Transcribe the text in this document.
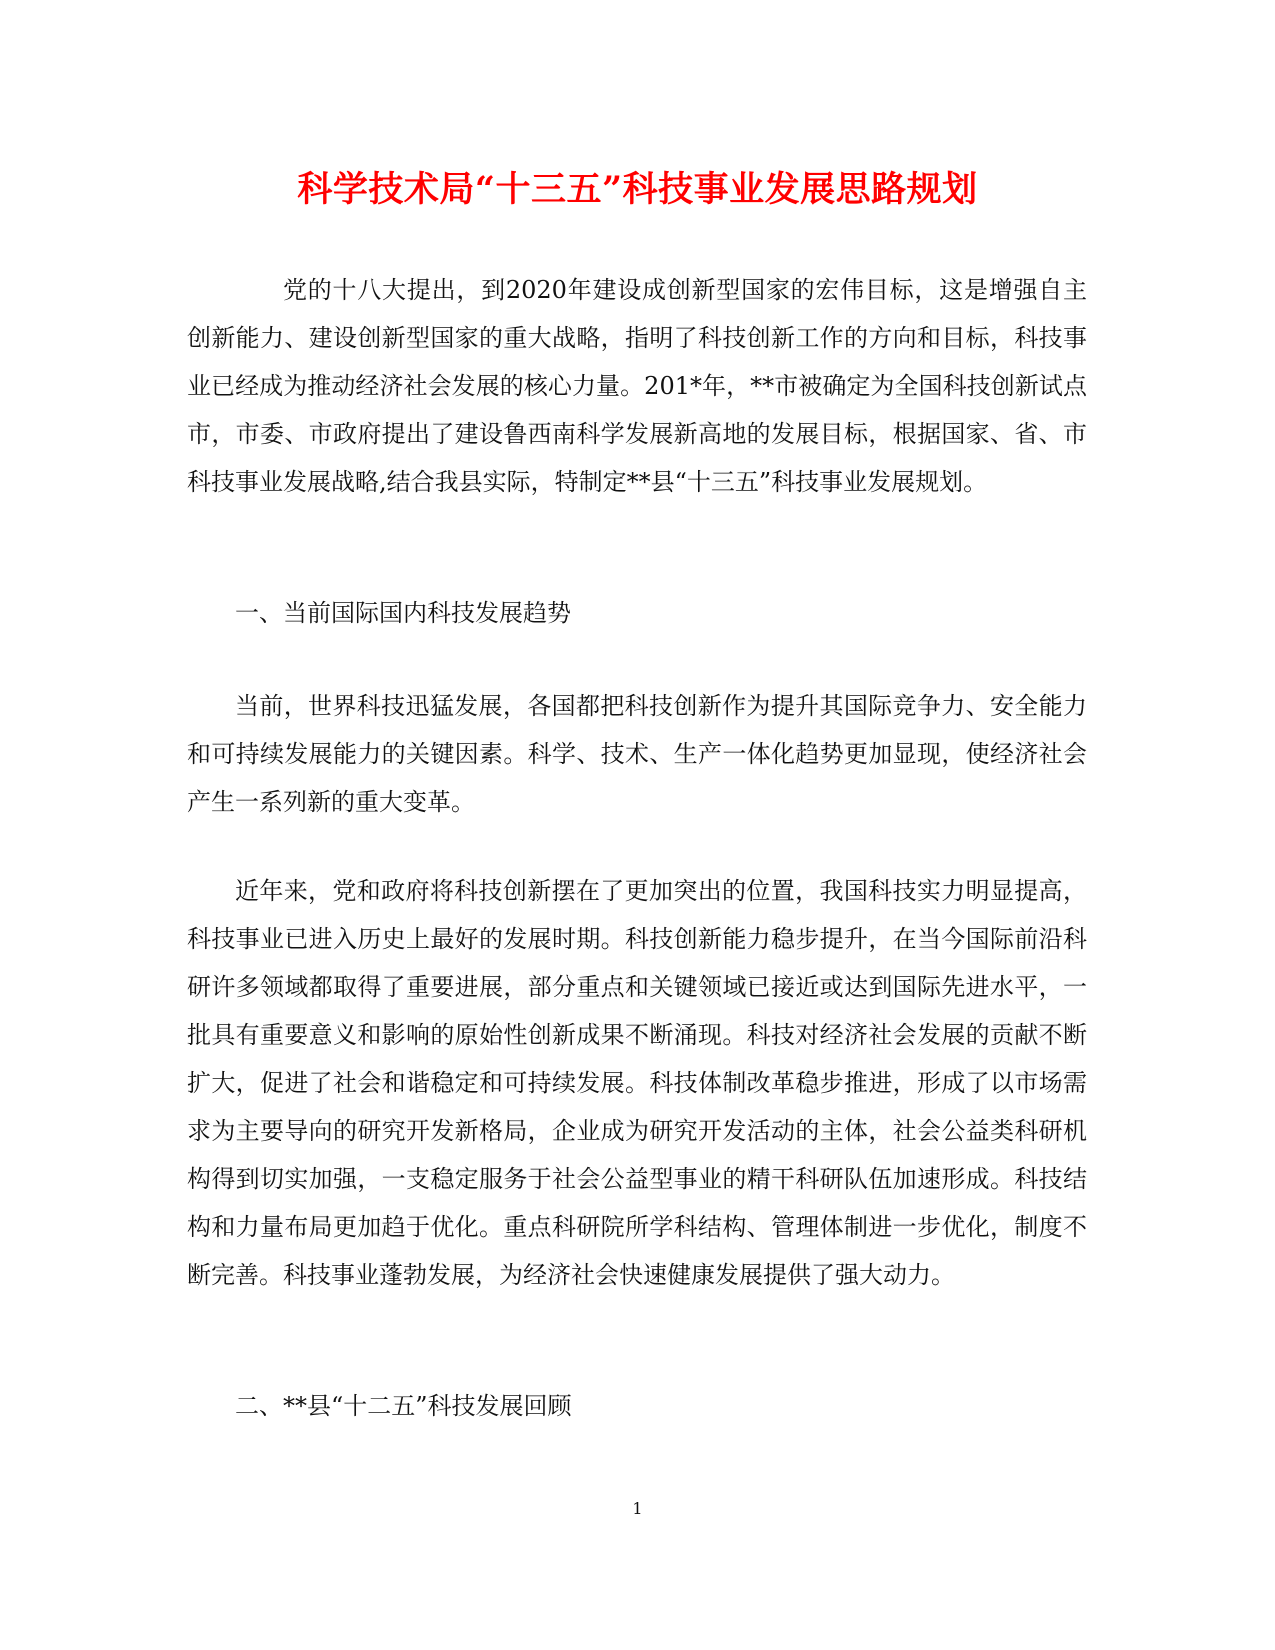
科学技术局“十三五”科技事业发展思路规划

党的十八大提出，到2020年建设成创新型国家的宏伟目标，这是增强自主创新能力、建设创新型国家的重大战略，指明了科技创新工作的方向和目标，科技事业已经成为推动经济社会发展的核心力量。201*年，**市被确定为全国科技创新试点市，市委、市政府提出了建设鲁西南科学发展新高地的发展目标，根据国家、省、市科技事业发展战略,结合我县实际，特制定**县“十三五”科技事业发展规划。

一、当前国际国内科技发展趋势

当前，世界科技迅猛发展，各国都把科技创新作为提升其国际竞争力、安全能力和可持续发展能力的关键因素。科学、技术、生产一体化趋势更加显现，使经济社会产生一系列新的重大变革。

近年来，党和政府将科技创新摆在了更加突出的位置，我国科技实力明显提高，科技事业已进入历史上最好的发展时期。科技创新能力稳步提升，在当今国际前沿科研许多领域都取得了重要进展，部分重点和关键领域已接近或达到国际先进水平，一批具有重要意义和影响的原始性创新成果不断涌现。科技对经济社会发展的贡献不断扩大，促进了社会和谐稳定和可持续发展。科技体制改革稳步推进，形成了以市场需求为主要导向的研究开发新格局，企业成为研究开发活动的主体，社会公益类科研机构得到切实加强，一支稳定服务于社会公益型事业的精干科研队伍加速形成。科技结构和力量布局更加趋于优化。重点科研院所学科结构、管理体制进一步优化，制度不断完善。科技事业蓬勃发展，为经济社会快速健康发展提供了强大动力。

二、**县“十二五”科技发展回顾

1
